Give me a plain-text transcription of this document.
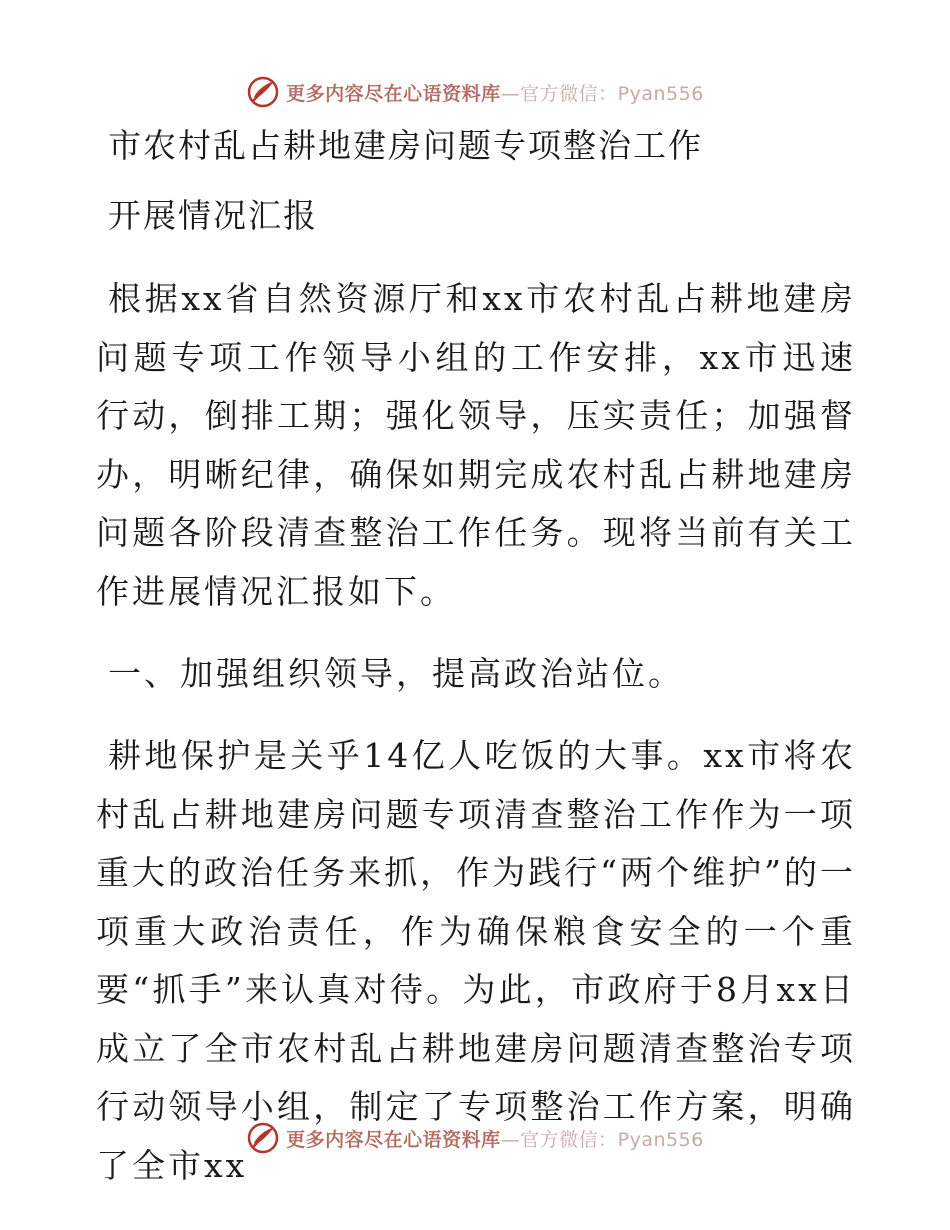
更多内容尽在心语资料库—官方微信：Pyan556
市农村乱占耕地建房问题专项整治工作
开展情况汇报

根据xx省自然资源厅和xx市农村乱占耕地建房问题专项工作领导小组的工作安排，xx市迅速行动，倒排工期；强化领导，压实责任；加强督办，明晰纪律，确保如期完成农村乱占耕地建房问题各阶段清查整治工作任务。现将当前有关工作进展情况汇报如下。

一、加强组织领导，提高政治站位。

耕地保护是关乎14亿人吃饭的大事。xx市将农村乱占耕地建房问题专项清查整治工作作为一项重大的政治任务来抓，作为践行“两个维护”的一项重大政治责任，作为确保粮食安全的一个重要“抓手”来认真对待。为此，市政府于8月xx日成立了全市农村乱占耕地建房问题清查整治专项行动领导小组，制定了专项整治工作方案，明确了全市xx

更多内容尽在心语资料库—官方微信：Pyan556
